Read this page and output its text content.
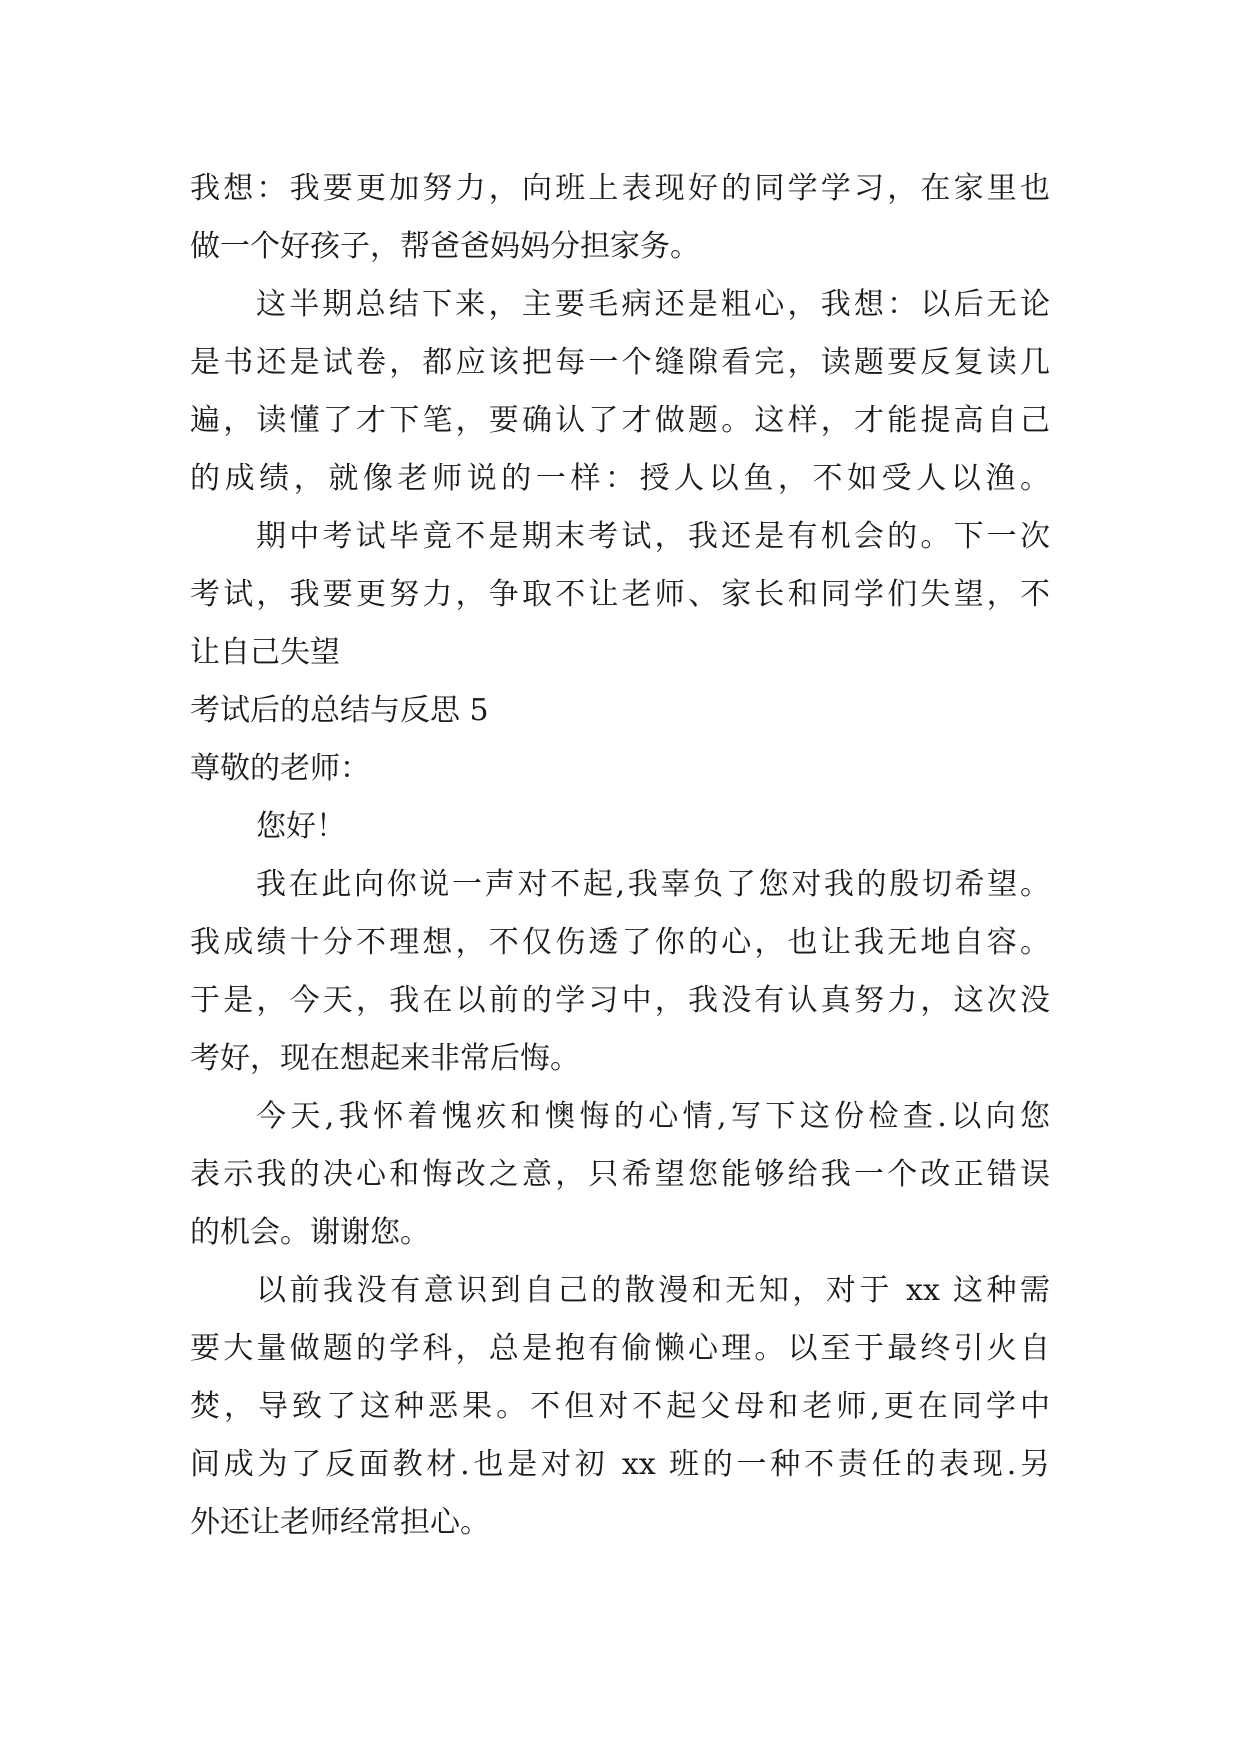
我想：我要更加努力，向班上表现好的同学学习，在家里也
做一个好孩子，帮爸爸妈妈分担家务。
这半期总结下来，主要毛病还是粗心，我想：以后无论
是书还是试卷，都应该把每一个缝隙看完，读题要反复读几
遍，读懂了才下笔，要确认了才做题。这样，才能提高自己
的成绩，就像老师说的一样：授人以鱼，不如受人以渔。
期中考试毕竟不是期末考试，我还是有机会的。下一次
考试，我要更努力，争取不让老师、家长和同学们失望，不
让自己失望
考试后的总结与反思 5
尊敬的老师：
您好！
我在此向你说一声对不起,我辜负了您对我的殷切希望。
我成绩十分不理想，不仅伤透了你的心，也让我无地自容。
于是，今天，我在以前的学习中，我没有认真努力，这次没
考好，现在想起来非常后悔。
今天,我怀着愧疚和懊悔的心情,写下这份检查.以向您
表示我的决心和悔改之意，只希望您能够给我一个改正错误
的机会。谢谢您。
以前我没有意识到自己的散漫和无知，对于 xx 这种需
要大量做题的学科，总是抱有偷懒心理。以至于最终引火自
焚，导致了这种恶果。不但对不起父母和老师,更在同学中
间成为了反面教材.也是对初 xx 班的一种不责任的表现.另
外还让老师经常担心。
